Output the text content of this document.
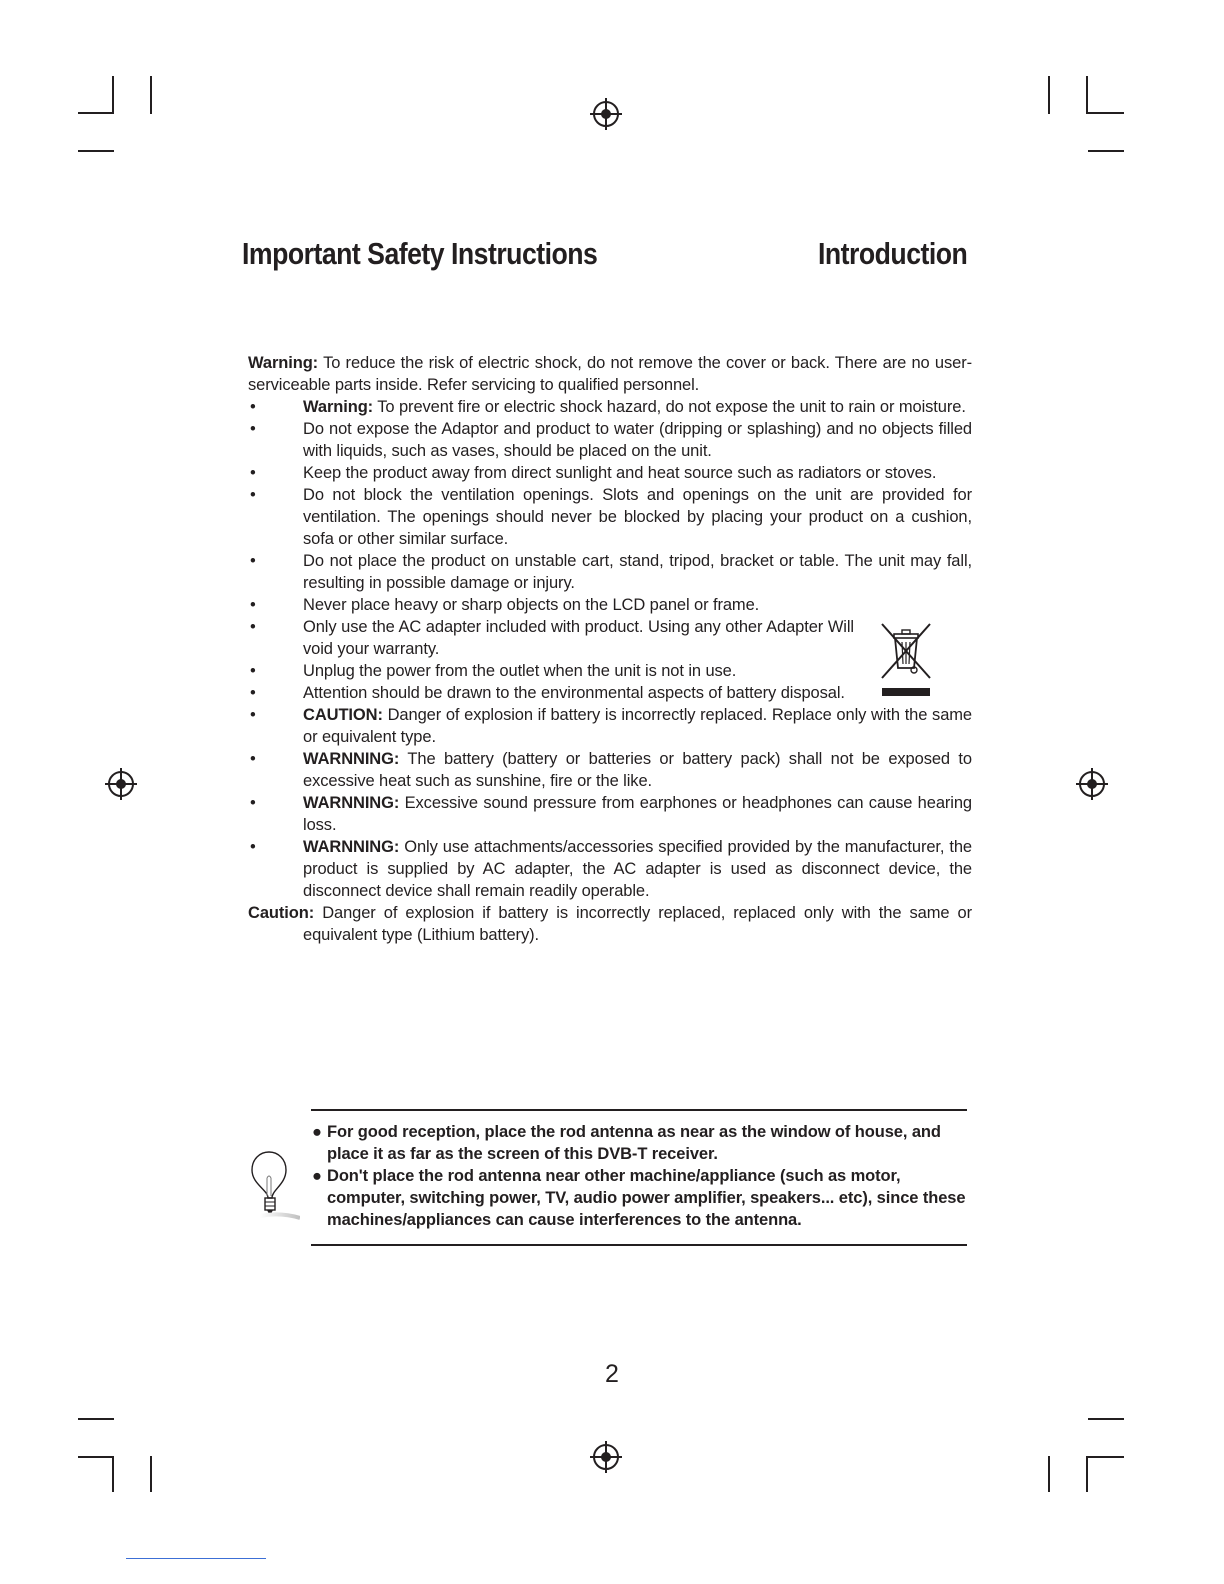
Important Safety Instructions	Introduction

Warning: To reduce the risk of electric shock, do not remove the cover or back. There are no user-serviceable parts inside. Refer servicing to qualified personnel.

•	Warning: To prevent fire or electric shock hazard, do not expose the unit to rain or moisture.
•	Do not expose the Adaptor and product to water (dripping or splashing) and no objects filled with liquids, such as vases, should be placed on the unit.
•	Keep the product away from direct sunlight and heat source such as radiators or stoves.
•	Do not block the ventilation openings. Slots and openings on the unit are provided for ventilation. The openings should never be blocked by placing your product on a cushion, sofa or other similar surface.
•	Do not place the product on unstable cart, stand, tripod, bracket or table. The unit may fall, resulting in possible damage or injury.
•	Never place heavy or sharp objects on the LCD panel or frame.
•	Only use the AC adapter included with product. Using any other Adapter Will void your warranty.
•	Unplug the power from the outlet when the unit is not in use.
•	Attention should be drawn to the environmental aspects of battery disposal.
•	CAUTION: Danger of explosion if battery is incorrectly replaced. Replace only with the same or equivalent type.
•	WARNNING: The battery (battery or batteries or battery pack) shall not be exposed to excessive heat such as sunshine, fire or the like.
•	WARNNING: Excessive sound pressure from earphones or headphones can cause hearing loss.
•	WARNNING: Only use attachments/accessories specified provided by the manufacturer, the product is supplied by AC adapter, the AC adapter is used as disconnect device, the disconnect device shall remain readily operable.

Caution: Danger of explosion if battery is incorrectly replaced, replaced only with the same or equivalent type (Lithium battery).

● For good reception, place the rod antenna as near as the window of house, and place it as far as the screen of this DVB-T receiver.

● Don't place the rod antenna near other machine/appliance (such as motor, computer, switching power, TV, audio power amplifier, speakers... etc), since these machines/appliances can cause interferences to the antenna.

2
